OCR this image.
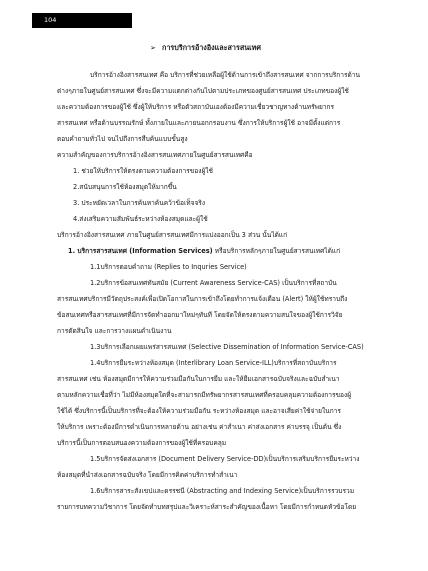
104
➢ การบริการอ้างอิงและสารสนเทศ
บริการอ้างอิงสารสนเทศ คือ บริการที่ช่วยเหลือผู้ใช้ด้านการเข้าถึงสารสนเทศ จากการบริการด้าน
ต่างๆภายในศูนย์สารสนเทศ ซึ่งจะมีความแตกต่างกันไปตามประเภทของศูนย์สารสนเทศ ประเภทของผู้ใช้
และความต้องการของผู้ใช้ ซึ่งผู้ให้บริการ หรือตัวสถาบันเองต้องมีความเชี่ยวชาญทางด้านทรัพยากร
สารสนเทศ หรือด้านบรรณรักษ์ ทั้งภายในและภายนอกกรอบงาน ซึ่งการให้บริการผู้ใช้ อาจมีตั้งแต่การ
ตอบคำถามทั่วไป จนไปถึงการสืบค้นแบบขั้นสูง
ความสำคัญของการบริการอ้างอิงสารสนเทศภายในศูนย์สารสนเทศคือ
1. ช่วยให้บริการให้ตรงตามความต้องการของผู้ใช้
2.สนับสนุนการใช้ห้องสมุดให้มากขึ้น
3. ประหยัดเวลาในการค้นหาค้นคว้าข้อเท็จจริง
4.ส่งเสริมความสัมพันธ์ระหว่างห้องสมุดและผู้ใช้
บริการอ้างอิงสารสนเทศ ภายในศูนย์สารสนเทศมีการแบ่งออกเป็น 3 ส่วน นั้นได้แก่
1. บริการสารสนเทศ (Information Services) หรือบริการหลักๆภายในศูนย์สารสนเทศได้แก่
1.1บริการตอบคำถาม (Replies to Inquries Service)
1.2บริการข้อสนเทศทันสมัย (Current Awareness Service-CAS) เป็นบริการที่สถาบัน
สารสนเทศบริการมีวัตถุประสงค์เพื่อเปิดโอกาสในการเข้าถึงโดยทำการแจ้งเตือน (Alert) ให้ผู้ใช้ทราบถึง
ข้อสนเทศหรือสารสนเทศที่มีการจัดทำออกมาใหม่ๆทันที โดยจัดให้ตรงตามความสนใจของผู้ใช้การวิจัย
การตัดสินใจ และการวางแผนดำเนินงาน
1.3บริการเลือกเผยแพร่สารสนเทศ (Selective Dissemination of Information Service-CAS)
1.4บริการยืมระหว่างห้องสมุด (Interlibrary Loan Service-ILL)บริการที่สถาบันบริการ
สารสนเทศ เช่น ห้องสมุดมีการให้ความร่วมมือกันในการยืม และให้ยืมเอกสารฉบับจริงและฉบับสำเนา
ตามหลักความเชื่อที่ว่า ไม่มีห้องสมุดใดที่จะสามารถมีทรัพยากรสารสนเทศที่ครอบคลุมความต้องการของผู้
ใช้ได้ ซึ่งบริการนี้เป็นบริการที่จะต้องให้ความร่วมมือกัน ระหว่างห้องสมุด และอาจเสียค่าใช้จ่ายในการ
ให้บริการ เพราะต้องมีการดำเนินการหลายด้าน อย่างเช่น ค่าสำเนา ค่าส่งเอกสาร ค่าบรรจุ เป็นต้น ซึ่ง
บริการนี้เป็นการตอบสนองความต้องการของผู้ใช้ที่ครอบคลุม
1.5บริการจัดส่งเอกสาร (Document Delivery Service-DD)เป็นบริการเสริมบริการยืมระหว่าง
ห้องสมุดที่นำส่งเอกสารฉบับจริง โดยมีการคิดค่าบริการทำสำเนา
1.6บริการสาระสังเขปและดรรชนี (Abstracting and Indexing Service)เป็นบริการรวบรวม
รายการบทความวิชาการ โดยจัดทำบทสรุปและวิเคราะห์สาระสำคัญของเนื้อหา โดยมีการกำหนดหัวข้อโดย
